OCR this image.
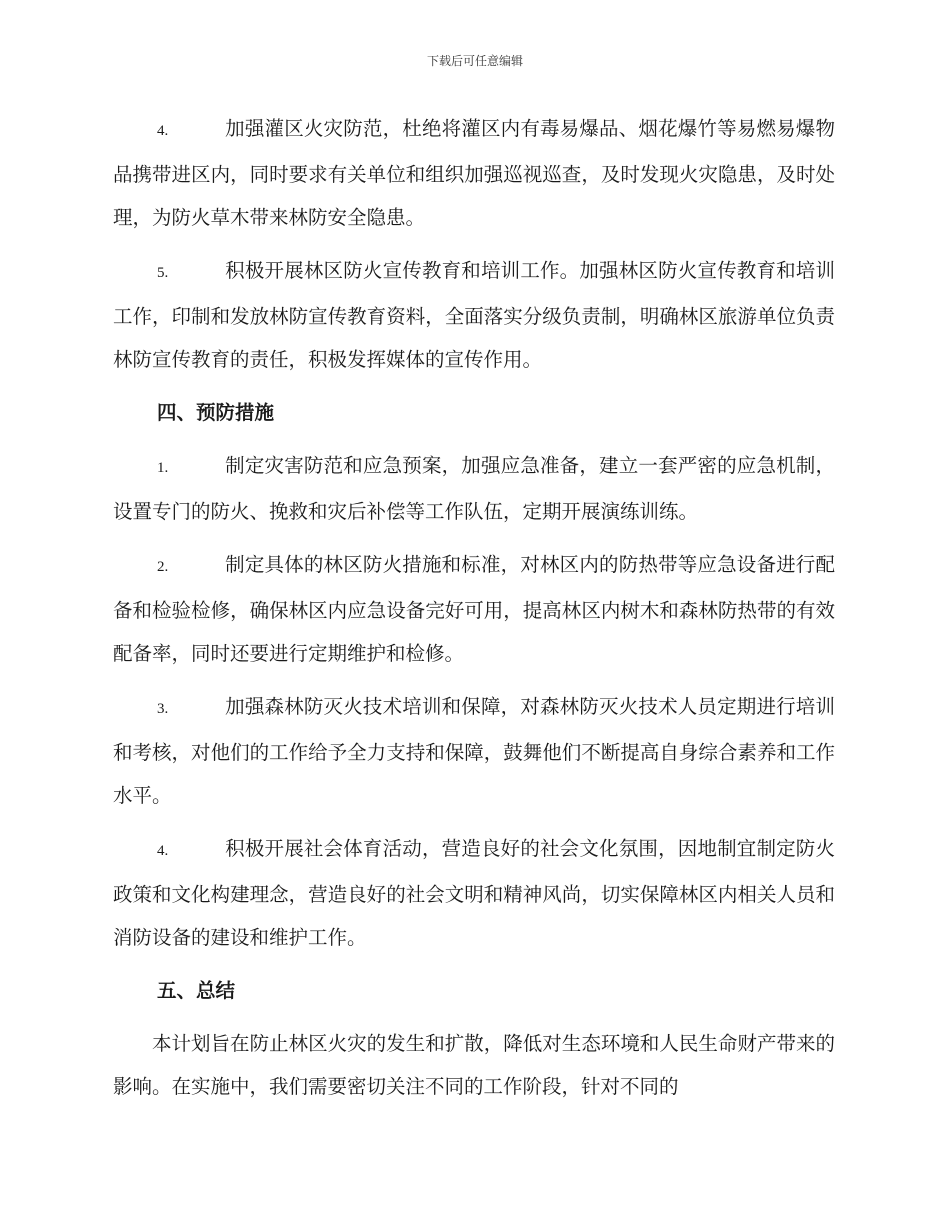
下载后可任意编辑

4.	加强灌区火灾防范，杜绝将灌区内有毒易爆品、烟花爆竹等易燃易爆物品携带进区内，同时要求有关单位和组织加强巡视巡查，及时发现火灾隐患，及时处理，为防火草木带来林防安全隐患。

5.	积极开展林区防火宣传教育和培训工作。加强林区防火宣传教育和培训工作，印制和发放林防宣传教育资料，全面落实分级负责制，明确林区旅游单位负责林防宣传教育的责任，积极发挥媒体的宣传作用。

四、预防措施

1.	制定灾害防范和应急预案，加强应急准备，建立一套严密的应急机制，设置专门的防火、挽救和灾后补偿等工作队伍，定期开展演练训练。

2.	制定具体的林区防火措施和标准，对林区内的防热带等应急设备进行配备和检验检修，确保林区内应急设备完好可用，提高林区内树木和森林防热带的有效配备率，同时还要进行定期维护和检修。

3.	加强森林防灭火技术培训和保障，对森林防灭火技术人员定期进行培训和考核，对他们的工作给予全力支持和保障，鼓舞他们不断提高自身综合素养和工作水平。

4.	积极开展社会体育活动，营造良好的社会文化氛围，因地制宜制定防火政策和文化构建理念，营造良好的社会文明和精神风尚，切实保障林区内相关人员和消防设备的建设和维护工作。

五、总结

本计划旨在防止林区火灾的发生和扩散，降低对生态环境和人民生命财产带来的影响。在实施中，我们需要密切关注不同的工作阶段，针对不同的
